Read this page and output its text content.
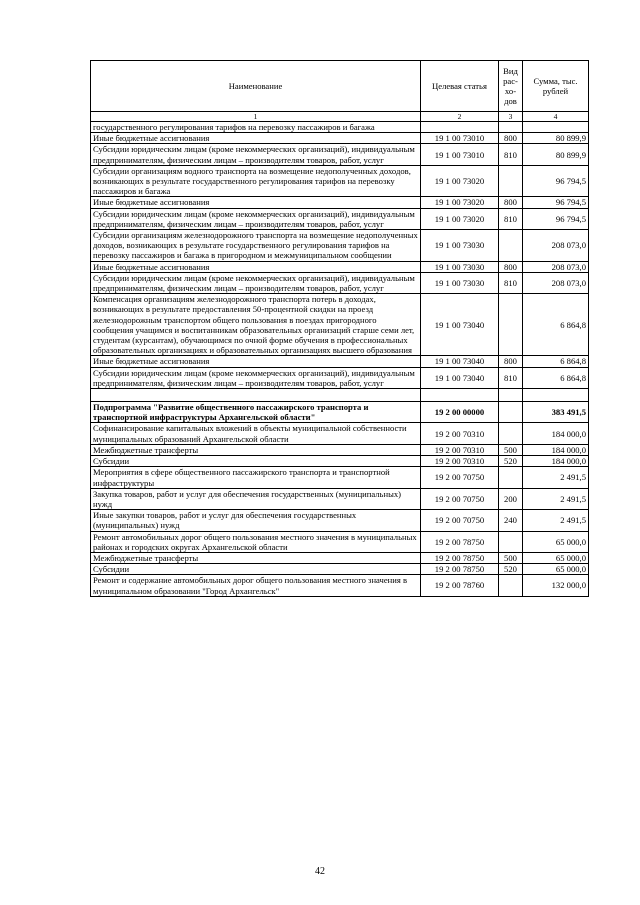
Наименование	Целевая статья	Вид рас-хо-дов	Сумма, тыс. рублей
1	2	3	4
государственного регулирования тарифов на перевозку пассажиров и багажа			
Иные бюджетные ассигнования	19 1 00 73010	800	80 899,9
Субсидии юридическим лицам (кроме некоммерческих организаций), индивидуальным предпринимателям, физическим лицам – производителям товаров, работ, услуг	19 1 00 73010	810	80 899,9
Субсидии организациям водного транспорта на возмещение недополученных доходов, возникающих в результате государственного регулирования тарифов на перевозку пассажиров и багажа	19 1 00 73020		96 794,5
Иные бюджетные ассигнования	19 1 00 73020	800	96 794,5
Субсидии юридическим лицам (кроме некоммерческих организаций), индивидуальным предпринимателям, физическим лицам – производителям товаров, работ, услуг	19 1 00 73020	810	96 794,5
Субсидии организациям железнодорожного транспорта на возмещение недополученных доходов, возникающих в результате государственного регулирования тарифов на перевозку пассажиров и багажа в пригородном и межмуниципальном сообщении	19 1 00 73030		208 073,0
Иные бюджетные ассигнования	19 1 00 73030	800	208 073,0
Субсидии юридическим лицам (кроме некоммерческих организаций), индивидуальным предпринимателям, физическим лицам – производителям товаров, работ, услуг	19 1 00 73030	810	208 073,0
Компенсация организациям железнодорожного транспорта потерь в доходах, возникающих в результате предоставления 50-процентной скидки на проезд железнодорожным транспортом общего пользования в поездах пригородного сообщения учащимся и воспитанникам образовательных организаций старше семи лет, студентам (курсантам), обучающимся по очной форме обучения в профессиональных образовательных организациях и образовательных организациях высшего образования	19 1 00 73040		6 864,8
Иные бюджетные ассигнования	19 1 00 73040	800	6 864,8
Субсидии юридическим лицам (кроме некоммерческих организаций), индивидуальным предпринимателям, физическим лицам – производителям товаров, работ, услуг	19 1 00 73040	810	6 864,8

Подпрограмма "Развитие общественного пассажирского транспорта и транспортной инфраструктуры Архангельской области"	19 2 00 00000		383 491,5
Софинансирование капитальных вложений в объекты муниципальной собственности муниципальных образований Архангельской области	19 2 00 70310		184 000,0
Межбюджетные трансферты	19 2 00 70310	500	184 000,0
Субсидии	19 2 00 70310	520	184 000,0
Мероприятия в сфере общественного пассажирского транспорта и транспортной инфраструктуры	19 2 00 70750		2 491,5
Закупка товаров, работ и услуг для обеспечения государственных (муниципальных) нужд	19 2 00 70750	200	2 491,5
Иные закупки товаров, работ и услуг для обеспечения государственных (муниципальных) нужд	19 2 00 70750	240	2 491,5
Ремонт автомобильных дорог общего пользования местного значения в муниципальных районах и городских округах Архангельской области	19 2 00 78750		65 000,0
Межбюджетные трансферты	19 2 00 78750	500	65 000,0
Субсидии	19 2 00 78750	520	65 000,0
Ремонт и содержание автомобильных дорог общего пользования местного значения в муниципальном образовании "Город Архангельск"	19 2 00 78760		132 000,0
42
